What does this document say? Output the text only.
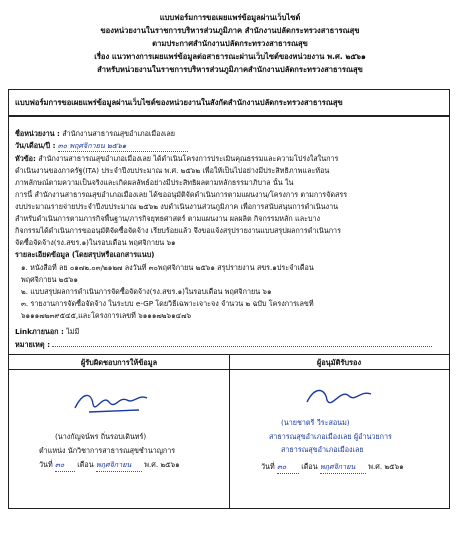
แบบฟอร์มการขอเผยแพร่ข้อมูลผ่านเว็บไซต์
ของหน่วยงานในราชการบริหารส่วนภูมิภาค สำนักงานปลัดกระทรวงสาธารณสุข
ตามประกาศสำนักงานปลัดกระทรวงสาธารณสุข
เรื่อง แนวทางการเผยแพร่ข้อมูลต่อสาธารณะผ่านเว็บไซต์ของหน่วยงาน พ.ศ. ๒๕๖๑
สำหรับหน่วยงานในราชการบริหารส่วนภูมิภาคสำนักงานปลัดกระทรวงสาธารณสุข
แบบฟอร์มการขอเผยแพร่ข้อมูลผ่านเว็บไซต์ของหน่วยงานในสังกัดสำนักงานปลัดกระทรวงสาธารณสุข
ชื่อหน่วยงาน : สำนักงานสาธารณสุขอำเภอเมืองเลย
วัน/เดือน/ปี : ๓๐ พฤศจิกายน ๒๕๖๑
หัวข้อ: สำนักงานสาธารณสุขอำเภอเมืองเลย ได้ดำเนินโครงการประเมินคุณธรรมและความโปร่งใสในการ
ดำเนินงานของภาครัฐ(ITA) ประจำปีงบประมาณ พ.ศ. ๒๕๖๒ เพื่อให้เป็นไปอย่างมีประสิทธิภาพและท้อน
ภาพลักษณ์ตามความเป็นจริงและเกิดผลลัพธ์อย่างมีประสิทธิผลตามหลักธรรมาภิบาล นั้น ใน
การนี้ สำนักงานสาธารณสุขอำเภอเมืองเลย ได้ขออนุมัติจัดดำเนินการตามแผนงาน/โครงการ ตามการจัดสรร
งบประมาณรายจ่ายประจำปีงบประมาณ ๒๕๖๒ งบดำเนินงานส่วนภูมิภาค เพื่อการสนับสนุนการดำเนินงาน
สำหรับดำเนินการตามภารกิจพื้นฐาน/ภารกิจยุทธศาสตร์ ตามแผนงาน ผลผลิต กิจกรรมหลัก และบาง
กิจกรรมได้ดำเนินการขออนุมัติจัดซื้อจัดจ้าง เรียบร้อยแล้ว จึงขอแจ้งสรุปรายงานแบบสรุปผลการดำเนินการ
จัดซื้อจัดจ้าง(รง.สขร.๑)ในรอบเดือน พฤศจิกายน ๖๑
รายละเอียดข้อมูล (โดยสรุปหรือเอกสารแนบ)
๑. หนังสือที่ ลย ๐๑๗๒.๐๓/๒๑๒๗ ลงวันที่ ๓๐พฤศจิกายน ๒๕๖๑ สรุปรายงาน สขร.๑ประจำเดือน
พฤศจิกายน ๒๕๖๑
๒. แบบสรุปผลการดำเนินการจัดซื้อจัดจ้าง(รง.สขร.๑)ในรอบเดือน พฤศจิกายน ๖๑
๓. รายงานการจัดซื้อจัดจ้าง ในระบบ e-GP โดยวิธีเฉพาะเจาะจง จำนวน ๒ ฉบับ โครงการเลขที่
๖๑๑๑๗๒๓๙๕๔๕,และโครงการเลขที่ ๖๑๑๑๗๒๖๑๔๗๖
Linkภายนอก : ไม่มี
หมายเหตุ :
ผู้รับผิดชอบการให้ข้อมูล
(นางกัญจน์พร ถิ่นรอบเดินทร์)
ตำแหน่ง นักวิชาการสาธารณสุขชำนาญการ
วันที่ ๓๐ เดือน พฤศจิกายน พ.ศ. ๒๕๖๑
ผู้อนุมัติรับรอง
(นายชาตรี วีระสอนม)
สาธารณสุขอำเภอเมืองเลย ผู้อำนวยการ
สาธารณสุขอำเภอเมืองเลย
วันที่ ๓๐ เดือน พฤศจิกายน พ.ศ. ๒๕๖๑
